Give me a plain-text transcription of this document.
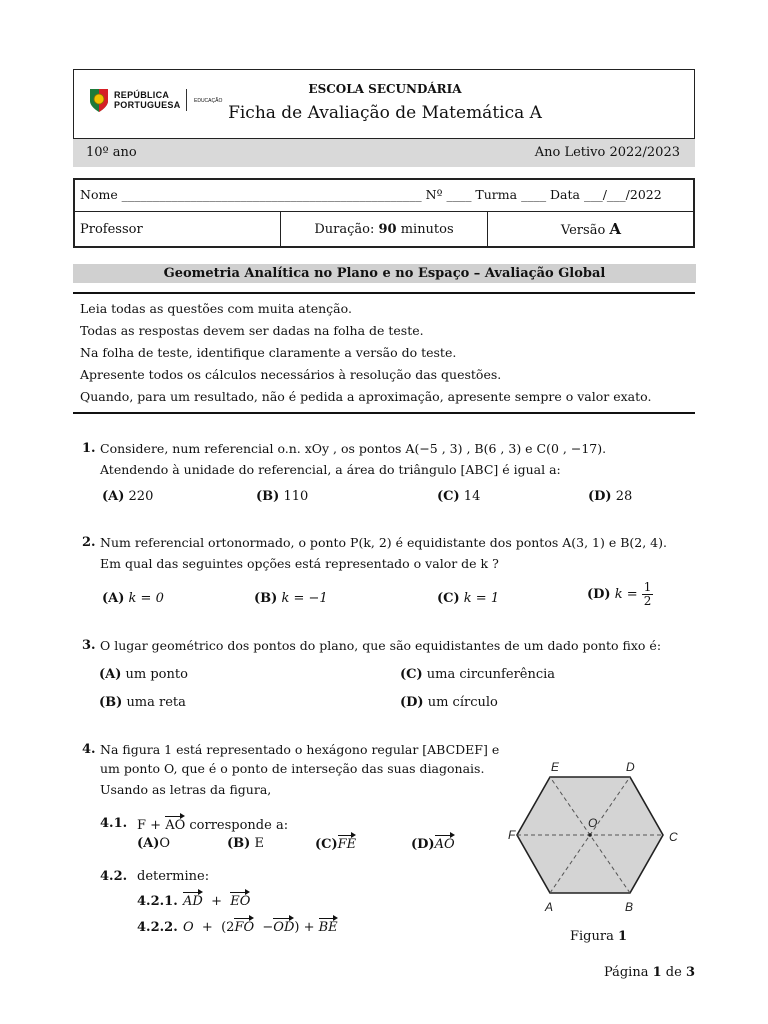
REPÚBLICA
PORTUGUESA	EDUCAÇÃO
ESCOLA SECUNDÁRIA
Ficha de Avaliação de Matemática A
10º ano	Ano Letivo 2022/2023
Nome ________________________________________________ Nº ____ Turma ____ Data ___/___/2022
Professor	Duração: 90 minutos	Versão A
Geometria Analítica no Plano e no Espaço – Avaliação Global
Leia todas as questões com muita atenção.
Todas as respostas devem ser dadas na folha de teste.
Na folha de teste, identifique claramente a versão do teste.
Apresente todos os cálculos necessários à resolução das questões.
Quando, para um resultado, não é pedida a aproximação, apresente sempre o valor exato.
1. Considere, num referencial o.n. xOy , os pontos A(−5 , 3) , B(6 , 3) e C(0 , −17).
Atendendo à unidade do referencial, a área do triângulo [ABC] é igual a:
(A) 220	(B) 110	(C) 14	(D) 28
2. Num referencial ortonormado, o ponto P(k, 2) é equidistante dos pontos A(3, 1) e B(2, 4).
Em qual das seguintes opções está representado o valor de k ?
(A) k = 0	(B) k = −1	(C) k = 1	(D) $k = \frac{1}{2}$
3. O lugar geométrico dos pontos do plano, que são equidistantes de um dado ponto fixo é:
(A) um ponto	(C) uma circunferência
(B) uma reta	(D) um círculo
4. Na figura 1 está representado o hexágono regular [ABCDEF] e
um ponto O, que é o ponto de interseção das suas diagonais.
Usando as letras da figura,
4.1. F + AO corresponde a:
(A)O	(B) E	(C)FE	(D)AO
4.2. determine:
4.2.1. AD  +  EO
4.2.2. O  +  (2FO  −OD) + BE
E	D
F	C
O
A	B
Figura 1
Página 1 de 3
